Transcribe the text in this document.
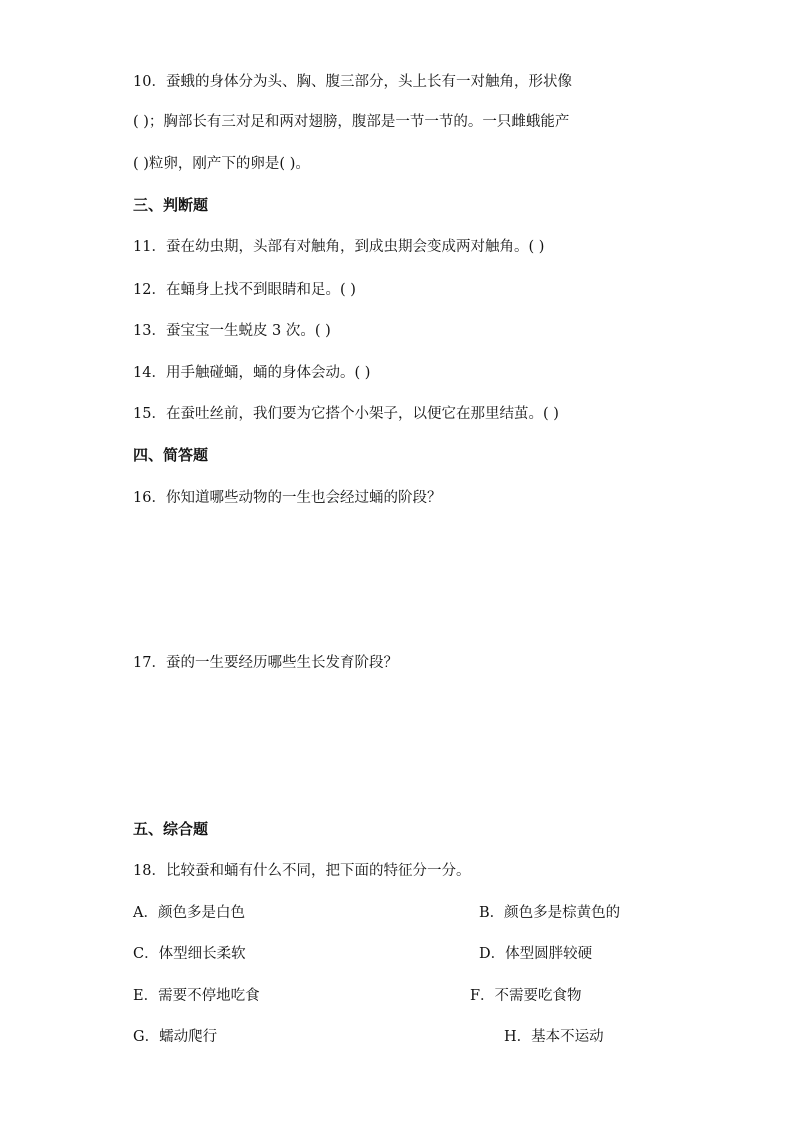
10．蚕蛾的身体分为头、胸、腹三部分，头上长有一对触角，形状像
( )；胸部长有三对足和两对翅膀，腹部是一节一节的。一只雌蛾能产
( )粒卵，刚产下的卵是( )。
三、判断题
11．蚕在幼虫期，头部有对触角，到成虫期会变成两对触角。( )
12．在蛹身上找不到眼睛和足。( )
13．蚕宝宝一生蜕皮 3 次。( )
14．用手触碰蛹，蛹的身体会动。( )
15．在蚕吐丝前，我们要为它搭个小架子，以便它在那里结茧。( )
四、简答题
16．你知道哪些动物的一生也会经过蛹的阶段？
17．蚕的一生要经历哪些生长发育阶段？
五、综合题
18．比较蚕和蛹有什么不同，把下面的特征分一分。
A．颜色多是白色	B．颜色多是棕黄色的
C．体型细长柔软	D．体型圆胖较硬
E．需要不停地吃食	F．不需要吃食物
G．蠕动爬行	H．基本不运动
